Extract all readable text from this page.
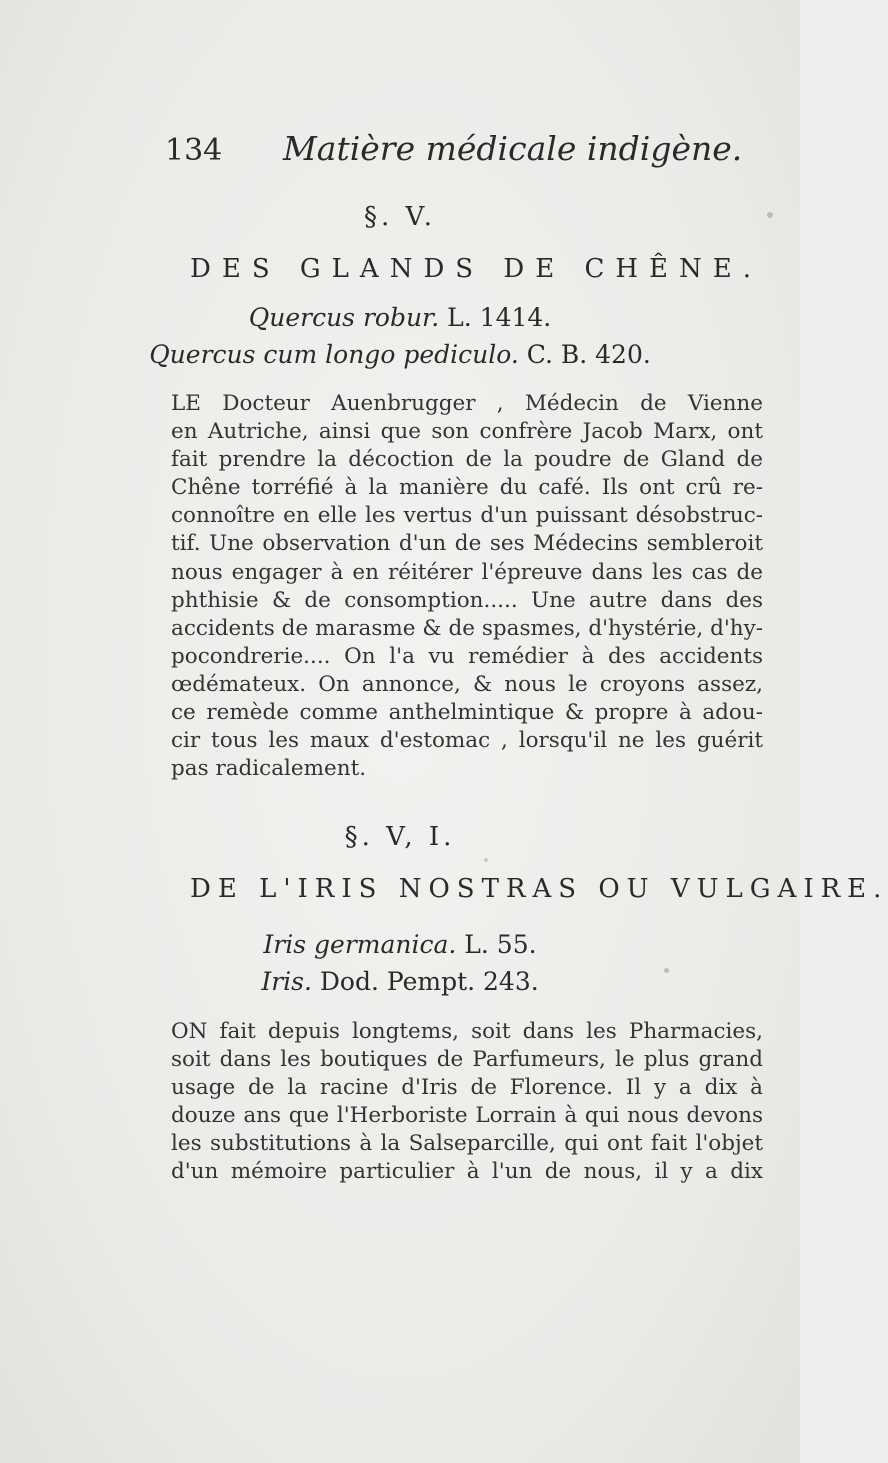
134 Matière médicale indigène.
§. V.
DES GLANDS DE CHÊNE.
Quercus robur. L. 1414.
Quercus cum longo pediculo. C. B. 420.
LE Docteur Auenbrugger , Médecin de Vienne
en Autriche, ainsi que son confrère Jacob Marx, ont
fait prendre la décoction de la poudre de Gland de
Chêne torréfié à la manière du café. Ils ont crû re-
connoître en elle les vertus d'un puissant désobstruc-
tif. Une observation d'un de ses Médecins sembleroit
nous engager à en réitérer l'épreuve dans les cas de
phthisie & de consomption..... Une autre dans des
accidents de marasme & de spasmes, d'hystérie, d'hy-
pocondrerie.... On l'a vu remédier à des accidents
œdémateux. On annonce, & nous le croyons assez,
ce remède comme anthelmintique & propre à adou-
cir tous les maux d'estomac , lorsqu'il ne les guérit
pas radicalement.
§. V, I.
DE L'IRIS NOSTRAS OU VULGAIRE.
Iris germanica. L. 55.
Iris. Dod. Pempt. 243.
ON fait depuis longtems, soit dans les Pharmacies,
soit dans les boutiques de Parfumeurs, le plus grand
usage de la racine d'Iris de Florence. Il y a dix à
douze ans que l'Herboriste Lorrain à qui nous devons
les substitutions à la Salseparcille, qui ont fait l'objet
d'un mémoire particulier à l'un de nous, il y a dix
